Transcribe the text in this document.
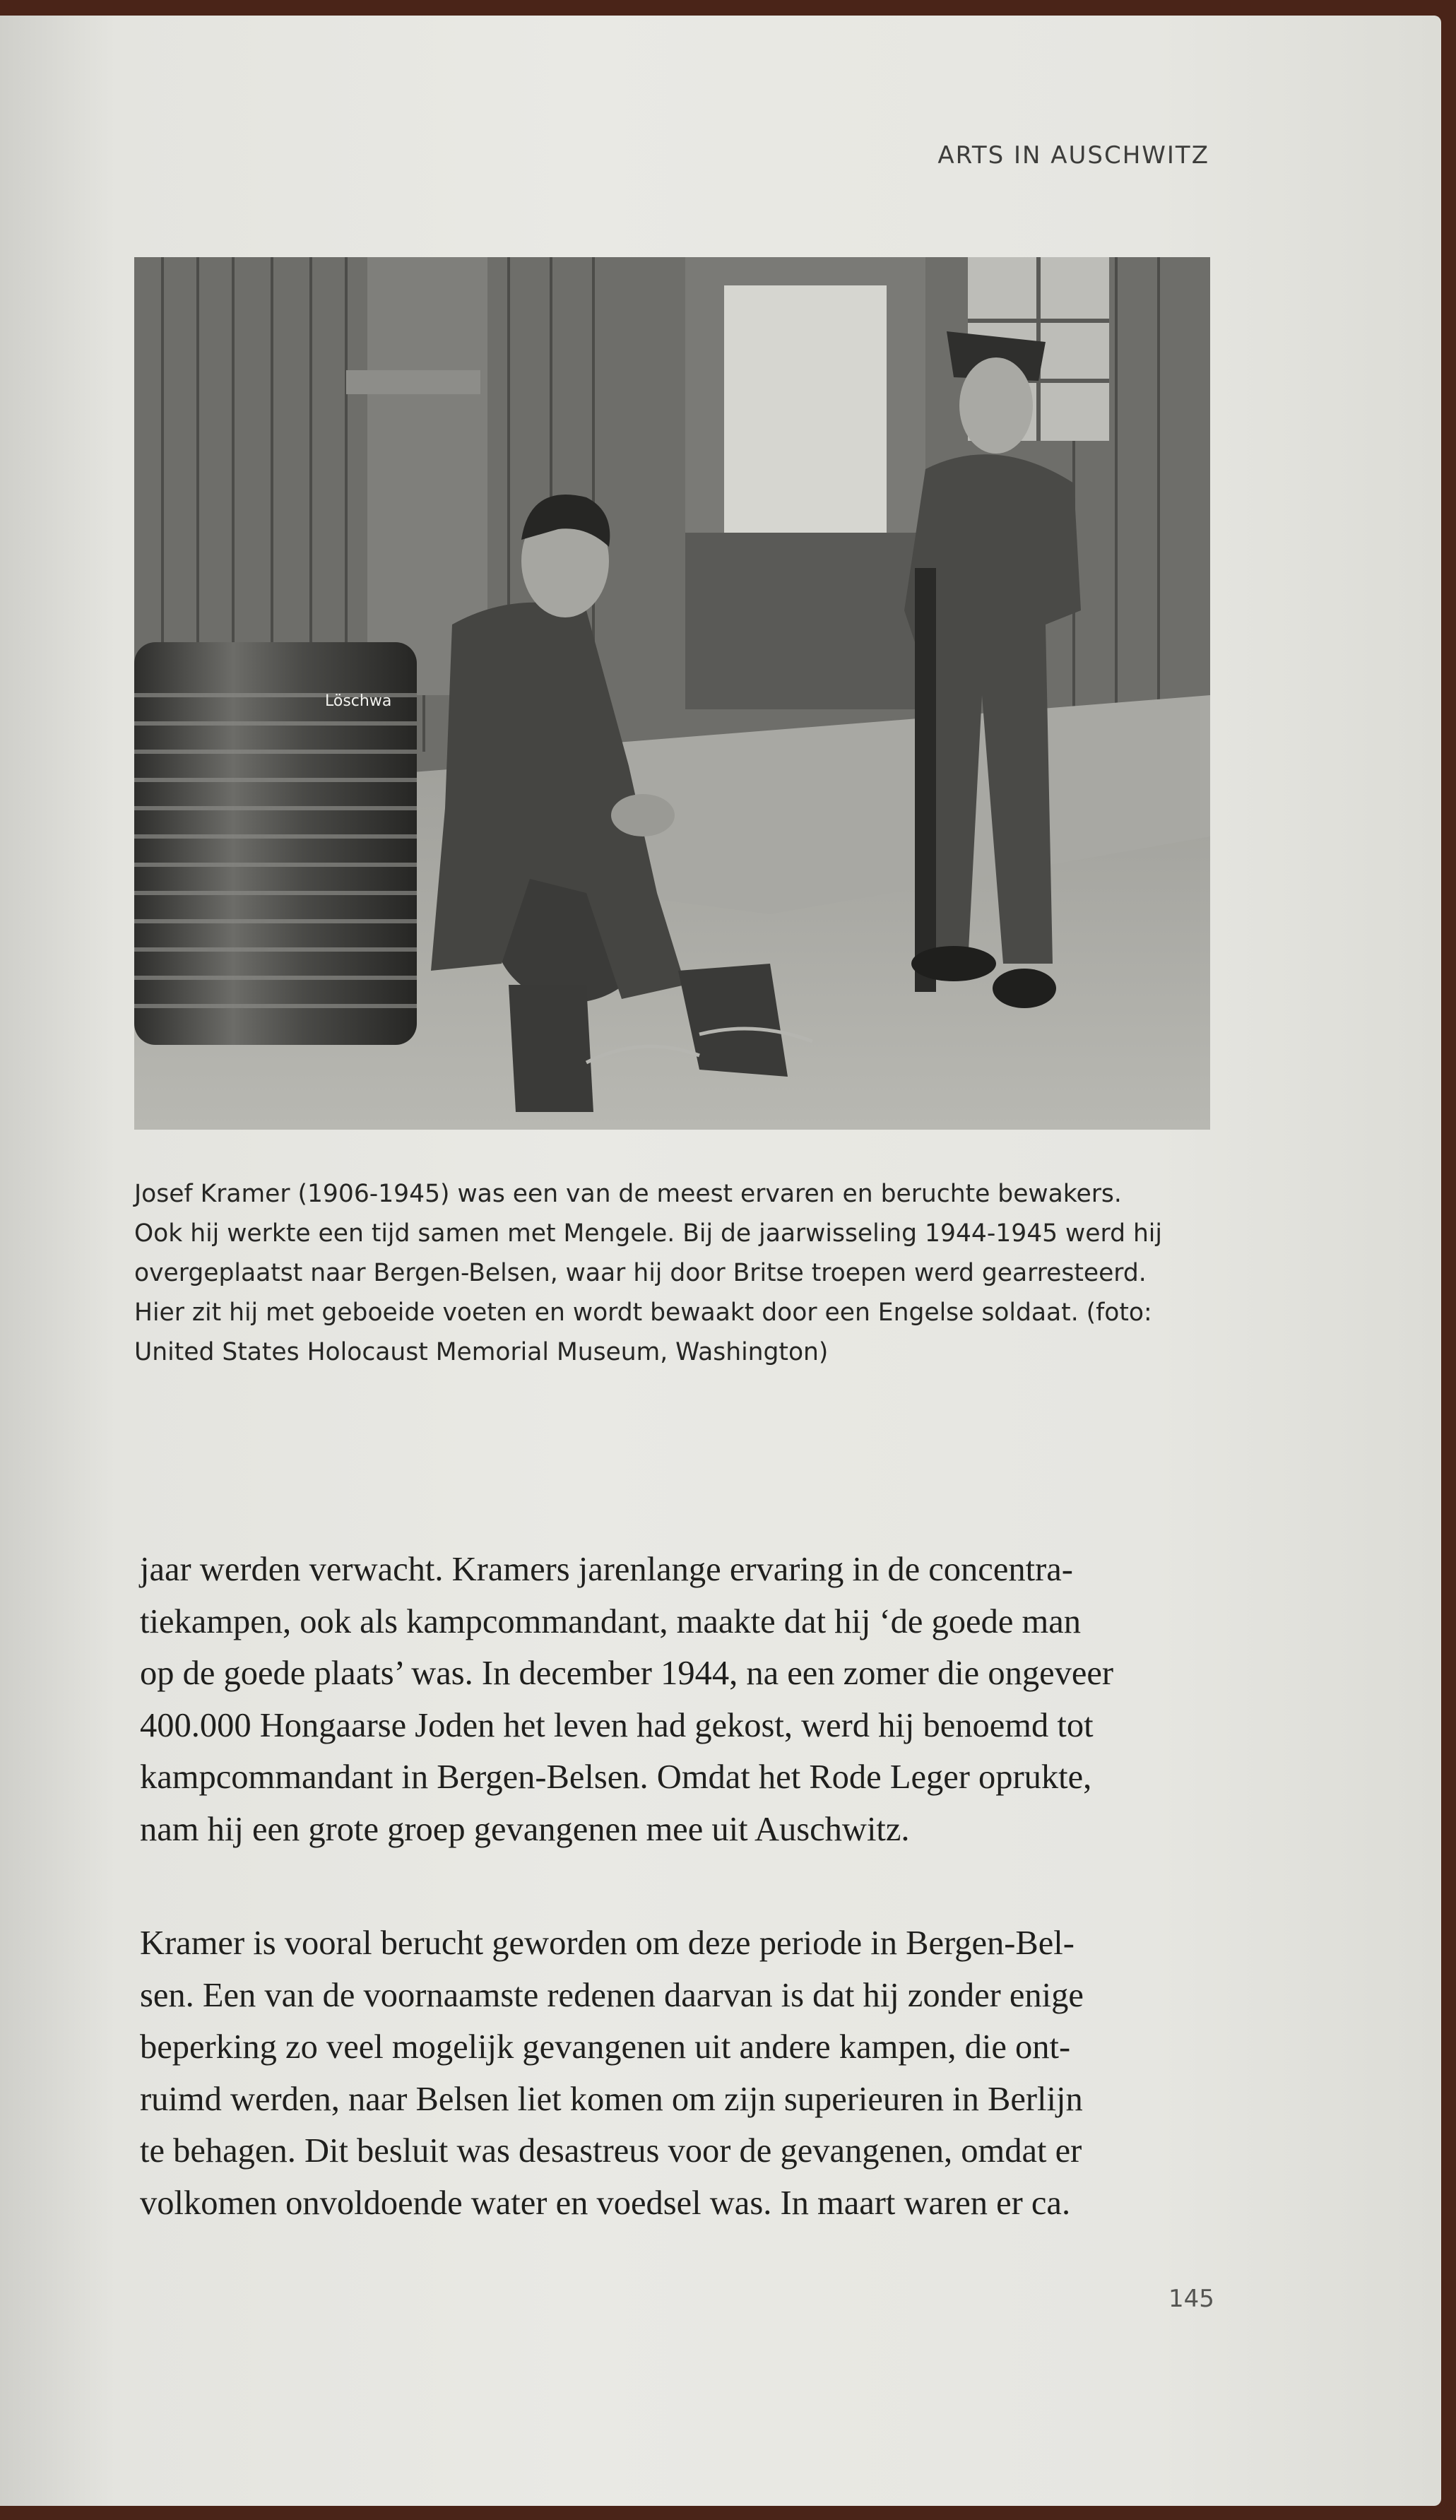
ARTS IN AUSCHWITZ
Löschwa
Josef Kramer (1906-1945) was een van de meest ervaren en beruchte bewakers.
Ook hij werkte een tijd samen met Mengele. Bij de jaarwisseling 1944-1945 werd hij
overgeplaatst naar Bergen-Belsen, waar hij door Britse troepen werd gearresteerd.
Hier zit hij met geboeide voeten en wordt bewaakt door een Engelse soldaat. (foto:
United States Holocaust Memorial Museum, Washington)
jaar werden verwacht. Kramers jarenlange ervaring in de concentra-
tiekampen, ook als kampcommandant, maakte dat hij ‘de goede man
op de goede plaats’ was. In december 1944, na een zomer die ongeveer
400.000 Hongaarse Joden het leven had gekost, werd hij benoemd tot
kampcommandant in Bergen-Belsen. Omdat het Rode Leger oprukte,
nam hij een grote groep gevangenen mee uit Auschwitz.
Kramer is vooral berucht geworden om deze periode in Bergen-Bel-
sen. Een van de voornaamste redenen daarvan is dat hij zonder enige
beperking zo veel mogelijk gevangenen uit andere kampen, die ont-
ruimd werden, naar Belsen liet komen om zijn superieuren in Berlijn
te behagen. Dit besluit was desastreus voor de gevangenen, omdat er
volkomen onvoldoende water en voedsel was. In maart waren er ca.
145
